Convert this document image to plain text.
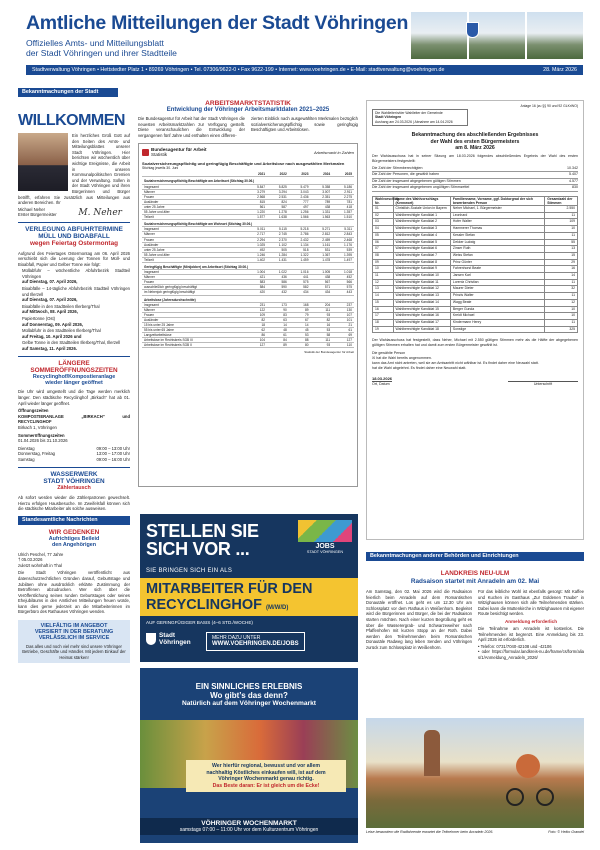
Amtliche Mitteilungen der Stadt Vöhringen
Offizielles Amts- und Mitteilungsblatt
der Stadt Vöhringen und ihrer Stadtteile
Stadtverwaltung Vöhringen • Hettstedter Platz 1 • 89269 Vöhringen • Tel. 07306/9622-0 • Fax 9622-199 • Internet: www.voehringen.de • E-Mail: stadtverwaltung@voehringen.de	28. März 2026
Bekanntmachungen der Stadt
WILLKOMMEN
Ein herzliches Grüß Gott auf den Seiten des Amts- und Mitteilungsblattes unserer Stadt Vöhringen. Hier berichten wir wöchentlich über wichtige Ereignisse, die Arbeit in unseren Kommunalpolitischen Gremien und der Verwaltung. Sollen in der Stadt Vöhringen und ihren Bürgerinnen und Bürger betrifft, erfahren Sie zusätzlich aus Mitteilungen aus anderen Bereichen. Ihr
Michael Neher
Erster Bürgermeister M. Neher
VERLEGUNG ABFUHRTERMINE
MÜLL UND BIOABFALL
wegen Feiertag Ostermontag
Aufgrund des Feiertages Ostermontag am 06. April 2026 verschiebt sich die Leerung der Tonnen für Müll- und Bioabfall, Papier und Gelber Tonne wie folgt:
Müllabfuhr – wöchentliche Abfuhrbezirk Stadtteil Vöhringen
auf Dienstag, 07. April 2026,
Bioabfälle – 14-tägliche Abfuhrbezirk Stadtteil Vöhringen und Illerzell
auf Dienstag, 07. April 2026,
Bioabfälle in den Stadtteilen Illerberg/Thal
auf Mittwoch, 08. April 2026,
Papiertonne (Ost)
auf Donnerstag, 09. April 2026,
Müllabfuhr in den Stadtteilen Illerberg/Thal
auf Freitag, 10. April 2026 und
Gelbe Tonne in den Stadtteilen Illerberg/Thal, Illerzell
auf Samstag, 11. April 2026.
LÄNGERE
SOMMERÖFFNUNGSZEITEN
Recyclinghof/Kompostieranlage
wieder länger geöffnet
Die Uhr wird umgestellt und die Tage werden merklich länger. Den städtische Recyclinghof „Birkach“ hat ab 01. April wieder länger geöffnet.
Öffnungszeiten
KOMPOSTIERANLAGE „BIRKACH“ und RECYCLINGHOF
Birkach 1, Vöhringen
Sommeröffnungszeiten
01.04.2026 bis 31.10.2026
Dienstag	09:00 – 13:00 Uhr
Donnerstag, Freitag	13:00 – 17:00 Uhr
Samstag	09:00 – 16:00 Uhr
WASSERWERK
STADT VÖHRINGEN
Zählertausch
Ab sofort werden wieder die Zählerpatronen gewechselt. Hierzu erfolgen Hausbesuche. Im Zweifelsfall können sich die städtische Mitarbeiter als solche ausweisen.
Standesamtliche Nachrichten
WIR GEDENKEN
Aufrichtiges Beileid
den Angehörigen
Ulrich Peschel, 77 Jahre
† 05.03.2026
zuletzt wohnhaft in Thal
Die Stadt Vöhringen veröffentlicht aus datenschutzrechtlichen Gründen darauf, Geburtstage und Jubiläen ohne ausdrücklich erklärte Zustimmung der Betroffenen abzudrucken. Wer sich über die Veröffentlichung seines runden Geburtstages oder seines Ehejubiläums in den Amtlichen Mitteilungen freuen würde, kann dies gerne jederzeit an die Mitarbeiterinnen im Bürgerbüro des Rathauses Vöhringen wenden.
VIELFÄLTIG IM ANGEBOT
VERSIERT IN DER BERATUNG
VERLÄSSLICH IM SERVICE
Das alles und noch viel mehr sind unsere Vöhringer Betriebe, Geschäfte und Händler. Mit jedem Einkauf der Heimat stärken!
ARBEITSMARKTSTATISTIK
Entwicklung der Vöhringer Arbeitsmarktdaten 2021–2025
Die Bundesagentur für Arbeit hat der Stadt Vöhringen die neuesten Arbeitsmarktzahlen zur Verfügung gestellt. Diese veranschaulichen die Entwicklung der vergangenen fünf Jahre und enthalten einen differen-
zierten Einblick nach ausgewählten Merkmalen bezüglich sozialversicherungspflichtig sowie geringfügig Beschäftigten und Arbeitslosen.
Bundesagentur für Arbeit
Statistik	Arbeitsmarkt in Zahlen
Sozialversicherungspflichtig und geringfügig Beschäftigte und Arbeitslose nach ausgewählten Merkmalen
Stichtag jeweils 30. Juni
	2021	2022	2023	2024	2025
Sozialversicherungspflichtig Beschäftigte am Arbeitsort (Stichtag 30.06.)					
Insgesamt	5.847	5.825	5.479	5.358	5.186
Männer	3.279	3.294	3.043	3.007	2.911
Frauen	2.568	2.531	2.436	2.351	2.275
Ausländer	815	824	777	789	781
unter 25 Jahre	561	587	497	438	418
55 Jahre und älter	1.220	1.278	1.256	1.331	1.357
Teilzeit	1.577	1.638	1.566	1.563	1.510
Sozialversicherungspflichtig Beschäftigte am Wohnort (Stichtag 30.06.)					
Insgesamt	5.011	5.115	5.218	5.271	5.311
Männer	2.717	2.745	2.786	2.812	2.843
Frauen	2.294	2.370	2.432	2.459	2.468
Ausländer	1.025	1.102	1.134	1.161	1.176
unter 25 Jahre	492	505	518	531	539
55 Jahre und älter	1.246	1.284	1.322	1.367	1.395
Teilzeit	1.402	1.431	1.459	1.478	1.497
Geringfügig Beschäftigte (Minijobber) am Arbeitsort (Stichtag 30.06.)					
Insgesamt	1.004	1.022	1.016	1.005	1.018
Männer	421	436	441	438	452
Frauen	583	586	575	567	566
ausschließlich geringfügig beschäftigt	584	590	582	571	575
im Nebenjob geringfügig beschäftigt	420	432	434	434	443
Arbeitslose (Jahresdurchschnitte)					
Insgesamt	231	173	168	204	237
Männer	122	90	89	111	130
Frauen	109	83	79	93	107
Ausländer	82	63	67	82	101
15 bis unter 25 Jahre	18	14	14	16	21
55 bis unter 65 Jahre	62	48	45	53	61
Langzeitarbeitslose	86	61	53	58	69
Arbeitslose im Rechtskreis SGB III	104	84	88	111	127
Arbeitslose im Rechtskreis SGB II	127	89	80	93	110
Statistik der Bundesagentur für Arbeit
STELLEN SIE
SICH VOR ...	JOBS
STADT VÖHRINGEN
SIE BRINGEN SICH EIN ALS
MITARBEITER FÜR DEN
RECYCLINGHOF (M/W/D)
AUF GERINGFÜGIGER BASIS (4–6 STD./WOCHE)
Stadt
Vöhringen
MEHR DAZU UNTER
WWW.VOEHRINGEN.DE/JOBS
EIN SINNLICHES ERLEBNIS
Wo gibt’s das denn?
Natürlich auf dem Vöhringer Wochenmarkt
Wer hierfür regional, bewusst und vor allem
nachhaltig Köstliches einkaufen will, ist auf dem
Vöhringer Wochenmarkt genau richtig.
Das Beste daran: Er ist gleich um die Ecke!
VÖHRINGER WOCHENMARKT
samstags 07:00 – 11:00 Uhr vor dem Kulturzentrum Vöhringen
Anlage 16 (zu §§ 90 und 92 GLKrWO)
Die Wahlleiterin/der Wahlleiter der Gemeinde
Stadt Vöhringen
Aushang am 24.03.2026 | Abnahme am 14.04.2026
Bekanntmachung des abschließenden Ergebnisses
der Wahl des ersten Bürgermeisters
am 8. März 2026
Der Wahlausschuss hat in seiner Sitzung am 18.03.2026 folgendes abschließendes Ergebnis der Wahl des ersten Bürgermeisters festgestellt:
Die Zahl der Stimmberechtigten	10.342
Die Zahl der Personen, die gewählt haben	5.407
Die Zahl der insgesamt abgegebenen gültigen Stimmen	4.577
Die Zahl der insgesamt abgegebenen ungültigen Stimmzettel	830
Wahlvorschlag Nr.	Name des Wahlvorschlags (Kennwort)	Familienname, Vorname, ggf. Doktorgrad der sich bewerbenden Person	Gesamtzahl der Stimmen
01	Christlich-Soziale Union in Bayern	Neher Michael, 1. Bürgermeister	2.550
02	Wahlberechtigte Kandidat 1	Leonhard	11
03	Wahlberechtigte Kandidat 2	Hofer Walter	109
04	Wahlberechtigte Kandidat 3	Hammerer Thomas	10
05	Wahlberechtigte Kandidat 4	Kessler Stefan	11
06	Wahlberechtigte Kandidat 5	Dekker Ludwig	55
07	Wahlberechtigte Kandidat 6	Zinser Ruth	13
08	Wahlberechtigte Kandidat 7	Weiss Stefan	15
09	Wahlberechtigte Kandidat 8	Prinz Günter	29
10	Wahlberechtigte Kandidat 9	Fahrenhorst Beate	16
11	Wahlberechtigte Kandidat 10	Jansen Karl	14
12	Wahlberechtigte Kandidat 11	Lorentz Christian	11
13	Wahlberechtigte Kandidat 12	Maurer Dieter	32
14	Wahlberechtigte Kandidat 13	Prinzis Walter	11
15	Wahlberechtigte Kandidat 14	Wagg Beate	12
16	Wahlberechtigte Kandidat 15	Berger Gunda	10
17	Wahlberechtigte Kandidat 16	Kreidt Michael	10
18	Wahlberechtigte Kandidat 17	Kindermann Henry	11
19	Wahlberechtigte Kandidat 18	Sonstige	325
Der Wahlausschuss hat festgestellt, dass Neher, Michael mit 2.550 gültigen Stimmen mehr als die Hälfte der abgegebenen gültigen Stimmen erhalten hat und damit zum ersten Bürgermeister gewählt ist.
Die gewählte Person
☒ hat die Wahl bereits angenommen.
kann das Amt nicht antreten, weil sie am Amtsantritt nicht wählbar ist. Es findet daher eine Neuwahl statt.
hat die Wahl abgelehnt. Es findet daher eine Neuwahl statt.
18.03.2026
Ort, Datum	Unterschrift
Bekanntmachungen anderer Behörden und Einrichtungen
LANDKREIS NEU-ULM
Radsaison startet mit Anradeln am 02. Mai
Am Samstag, den 02. Mai 2026 wird die Radsaison feierlich beim Anradeln auf dem Romantischen Donautäle eröffnet. Los geht es um 12.30 Uhr am Schlossplatz vor dem Rathaus in Weißenhorn. Begleitet wird die Bürgerinnen und Bürger, die bei der Radsaison starten möchten. Nach einer kurzen Begrüßung geht es über die Wasserergrab- und Schwarzeweiher nach Pfaffenhofen mit kurzen Stopp an der Roth. Dabei werden den Teilnehmenden beim Romantischen Donautäle Radweg lang leben Senden und Vöhringen zurück zum Schlossplatz in Weißenhorn.
Für das leibliche Wohl ist ebenfalls gesorgt: Mit Kaffee und Kuchen im Gasthaus „Zur Goldenen Traube“ in Witzighausen können sich alle Teilnehmenden stärken. Dabei kann die Muttenkirche in Witzighausen mit eigener Route besichtigt werden.
Anmeldung erforderlich
Die Teilnahme am Anradeln ist kostenlos. Die Teilnehmenden ist begrenzt. Eine Anmeldung bis 23. April 2026 ist erforderlich.
• Telefon: 0731/7040-42108 und -42106
• oder https://formular.landkreis-nu.de/frame/cs/form/alias/1/Anmeldung_Anradeln_2026/
Leise bewundern die Radfahrende erwartet die Teilnehmer beim Anradeln 2026.	Foto: © Heiko Grandel
